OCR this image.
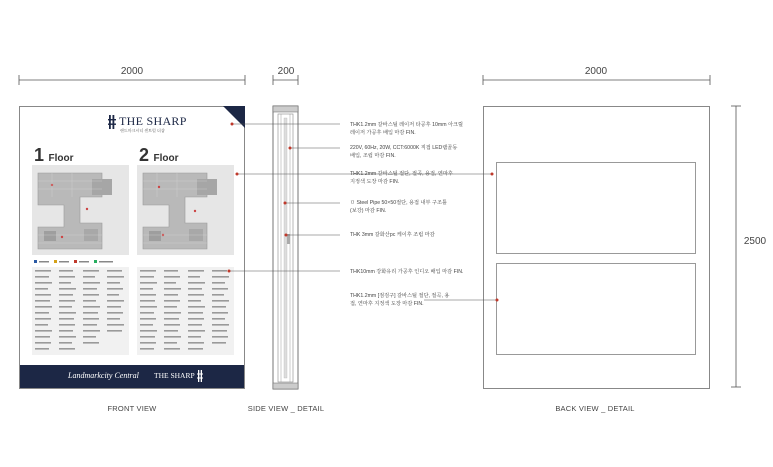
2000	200	2000
2500
THE SHARP
랜드마크시티 센트럴 더샵
1 Floor	2 Floor
Landmarkcity Central THE SHARP
THK1.2mm 갈바스틸 레이저 타공후 10mm 아크릴
레이저 가공후 배입 마감 FIN.
220V, 60Hz, 20W, CCT:6000K 직접 LED램골동
배입, 조립 마감 FIN.
THK1.2mm 갈바스틸 절단, 절곡, 용접, 연마후
지정색 도장 마감 FIN.
ㅁ Steel Pipe 50×50절단, 용접 내부 구조틀
(보강) 마감 FIN.
THK 3mm 갈화산pc 케이후 조립 마감
THK10mm 강화유리 가공후 인디오 배입 마감 FIN.
THK1.2mm [점검구] 갈바스틸 절단, 절곡, 용
접, 연마후 지정색 도장 마감 FIN.
FRONT VIEW	SIDE VIEW _ DETAIL	BACK VIEW _ DETAIL
